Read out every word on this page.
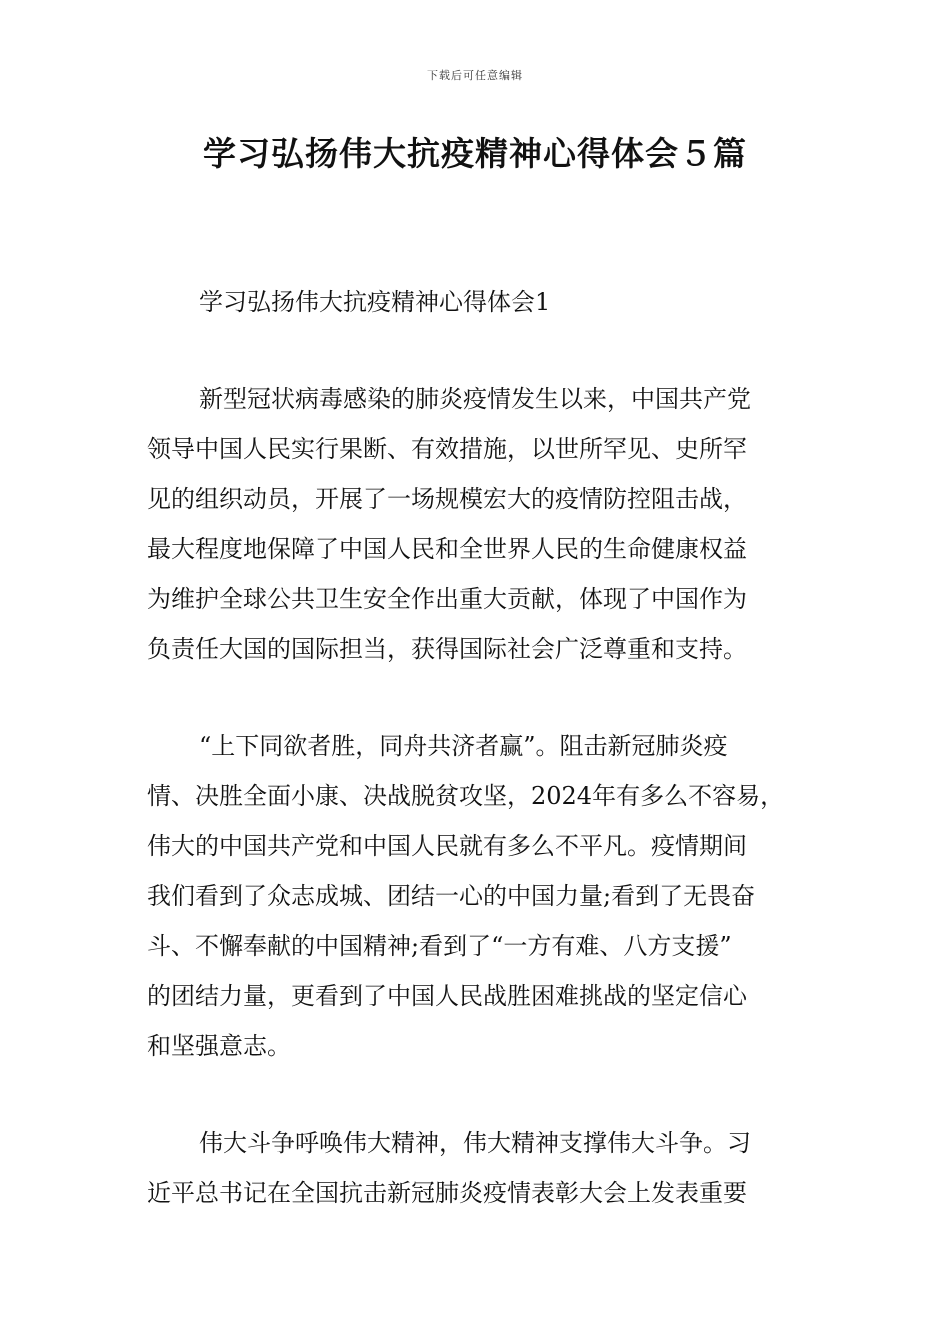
下载后可任意编辑
学习弘扬伟大抗疫精神心得体会５篇

学习弘扬伟大抗疫精神心得体会1

新型冠状病毒感染的肺炎疫情发生以来，中国共产党
领导中国人民实行果断、有效措施，以世所罕见、史所罕
见的组织动员，开展了一场规模宏大的疫情防控阻击战，
最大程度地保障了中国人民和全世界人民的生命健康权益
为维护全球公共卫生安全作出重大贡献，体现了中国作为
负责任大国的国际担当，获得国际社会广泛尊重和支持。

“上下同欲者胜，同舟共济者赢”。阻击新冠肺炎疫
情、决胜全面小康、决战脱贫攻坚，2024年有多么不容易，
伟大的中国共产党和中国人民就有多么不平凡。疫情期间
我们看到了众志成城、团结一心的中国力量;看到了无畏奋
斗、不懈奉献的中国精神;看到了“一方有难、八方支援”
的团结力量，更看到了中国人民战胜困难挑战的坚定信心
和坚强意志。

伟大斗争呼唤伟大精神，伟大精神支撑伟大斗争。习
近平总书记在全国抗击新冠肺炎疫情表彰大会上发表重要
